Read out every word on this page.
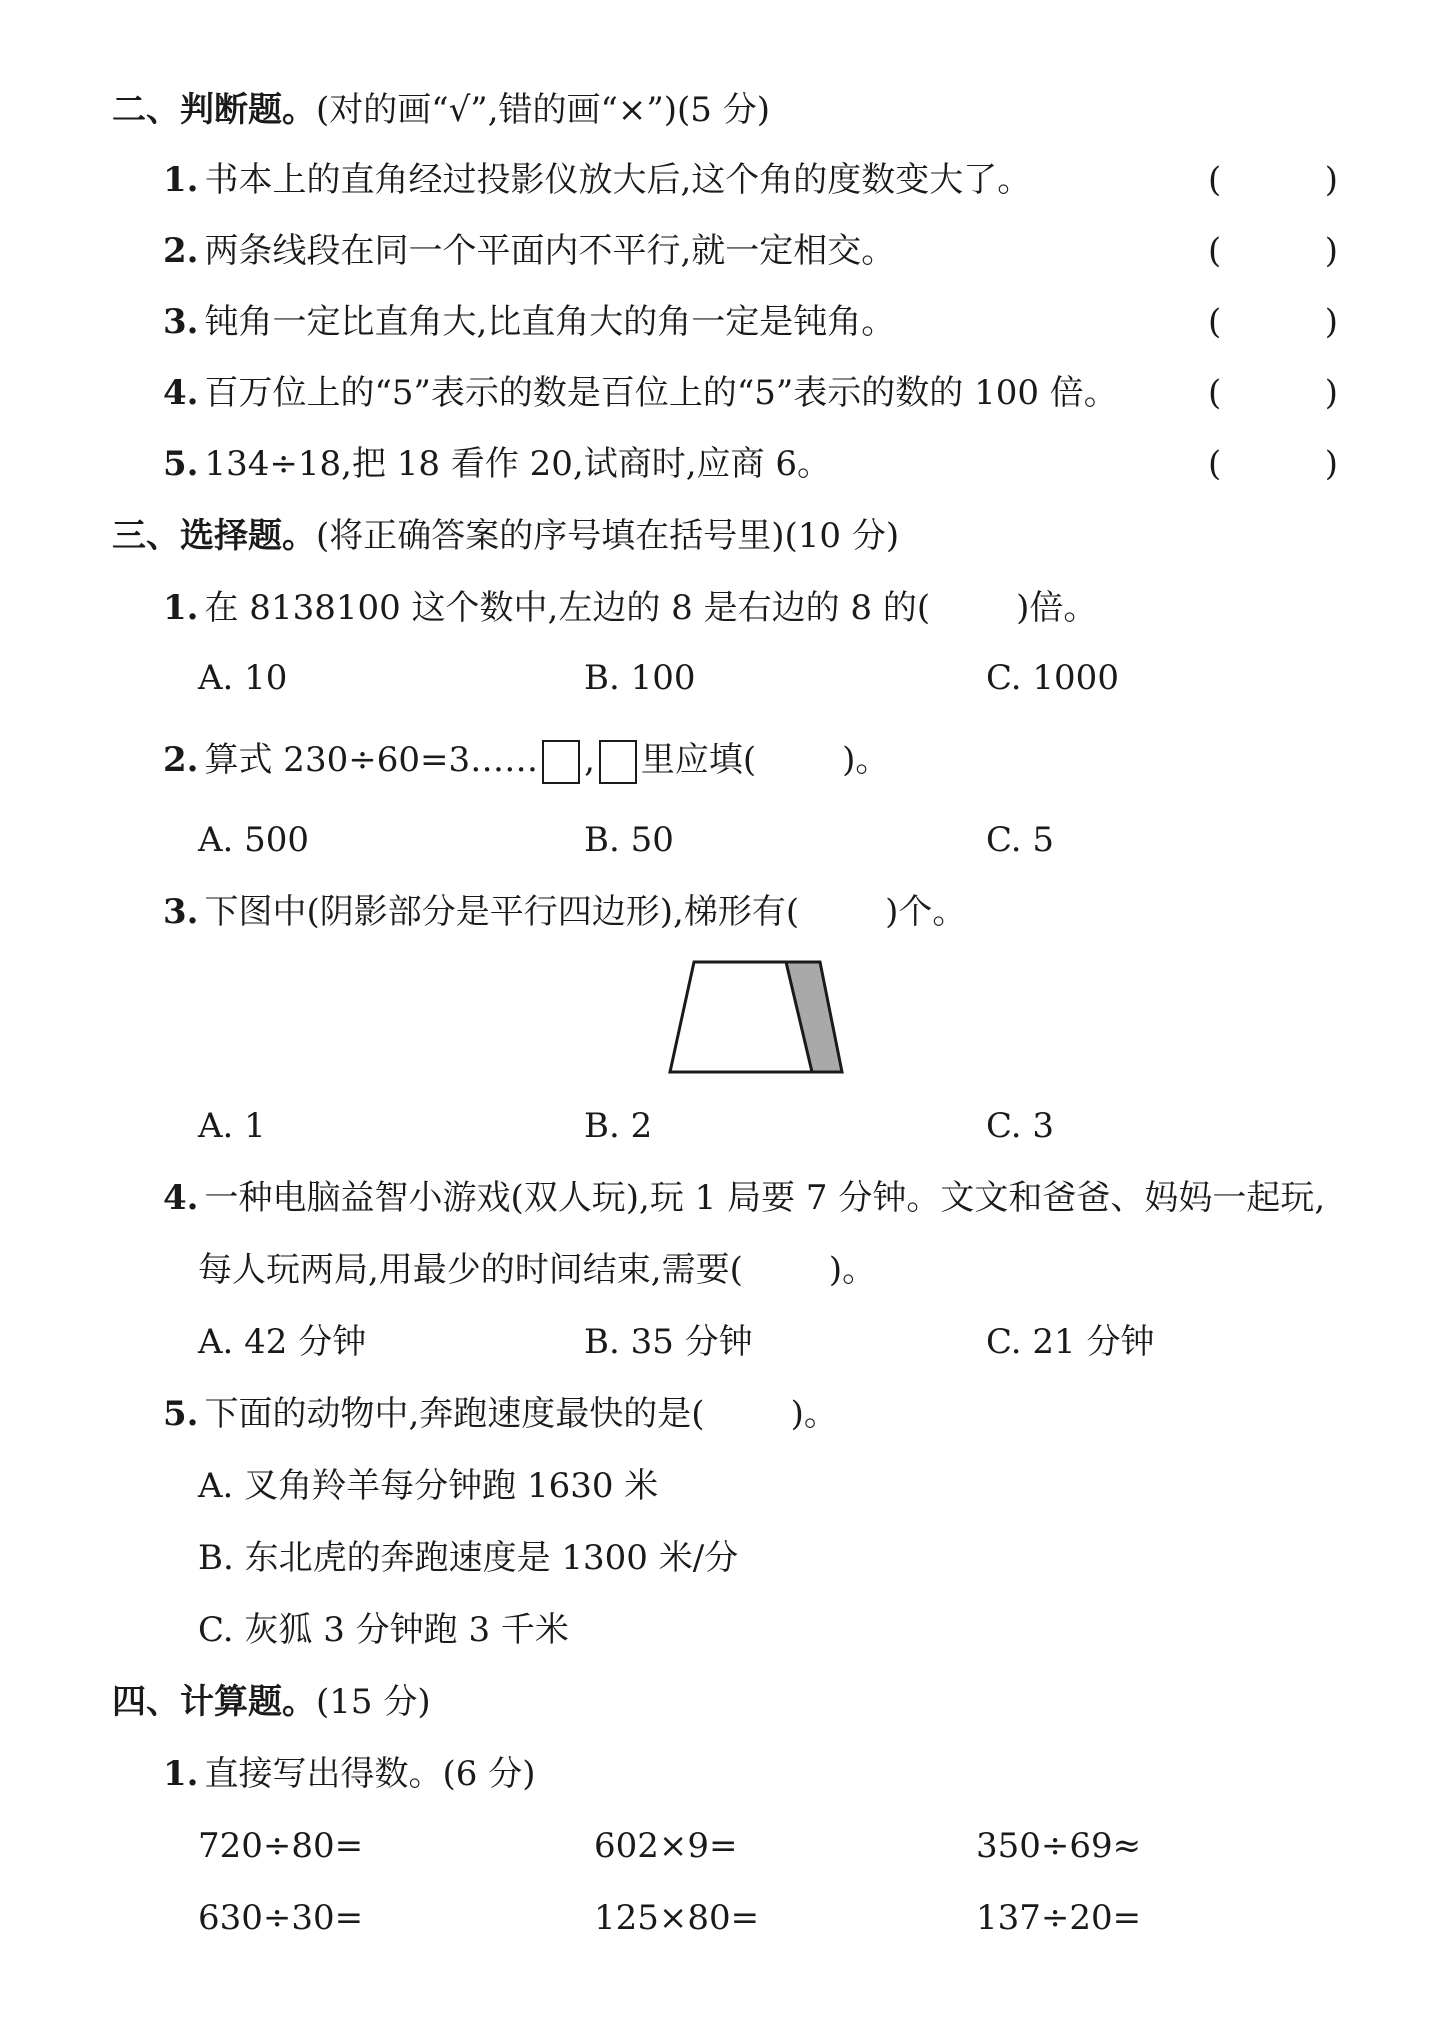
二、判断题。(对的画“√”,错的画“×”)(5 分)
1. 书本上的直角经过投影仪放大后,这个角的度数变大了。	(	)
2. 两条线段在同一个平面内不平行,就一定相交。	(	)
3. 钝角一定比直角大,比直角大的角一定是钝角。	(	)
4. 百万位上的“5”表示的数是百位上的“5”表示的数的 100 倍。	(	)
5. 134÷18,把 18 看作 20,试商时,应商 6。	(	)
三、选择题。(将正确答案的序号填在括号里)(10 分)
1. 在 8138100 这个数中,左边的 8 是右边的 8 的(	)倍。
A. 10	B. 100	C. 1000
2. 算式 230÷60=3…… , 里应填(	)。
A. 500	B. 50	C. 5
3. 下图中(阴影部分是平行四边形),梯形有(	)个。
A. 1	B. 2	C. 3
4. 一种电脑益智小游戏(双人玩),玩 1 局要 7 分钟。文文和爸爸、妈妈一起玩,
每人玩两局,用最少的时间结束,需要(	)。
A. 42 分钟	B. 35 分钟	C. 21 分钟
5. 下面的动物中,奔跑速度最快的是(	)。
A. 叉角羚羊每分钟跑 1630 米
B. 东北虎的奔跑速度是 1300 米/分
C. 灰狐 3 分钟跑 3 千米
四、计算题。(15 分)
1. 直接写出得数。(6 分)
720÷80=	602×9=	350÷69≈
630÷30=	125×80=	137÷20=
